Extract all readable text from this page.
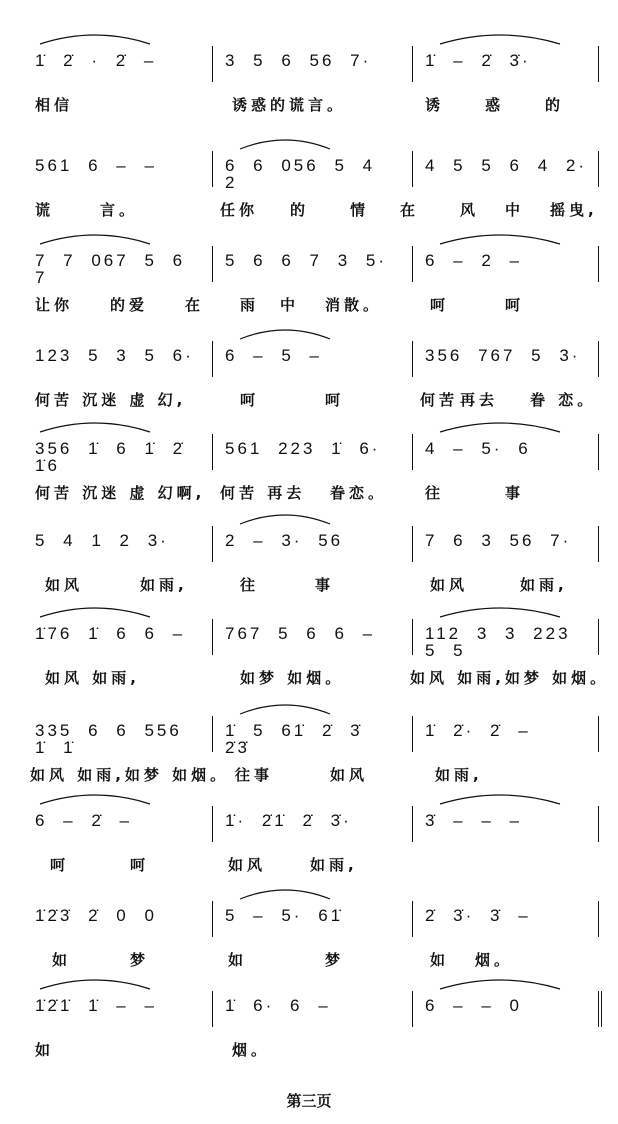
1̇ 2̇ · 2̇ –	3 5 6 56 7·	1̇ – 2̇ 3̇·
相信	诱惑的谎言。	诱	惑	的
561 6 – –	6 6 056 5 4 2
4 5 5 6 4 2·
谎	言。	任你 的	情 在	风 中 摇曳,
7 7 067 5 6 7
5 6 6 7 3 5·	6 – 2 –
让你 的爱 在 雨 中 消散。	呵	呵
123 5 3 5 6·	6 – 5 –	356 767 5 3·
何苦 沉迷 虚 幻,	呵	呵	何苦 再去 眷 恋。
356 1̇ 6 1̇ 2̇ 1̇6
561 223 1̇ 6·	4 – 5· 6
何苦 沉迷 虚 幻啊, 何苦 再去 眷恋。	往	事
5 4 1 2 3·	2 – 3· 56	7 6 3 56 7·
如风	如雨,	往	事	如风	如雨,
1̇76 1̇ 6 6 –	767 5 6 6 –	112 3 3 223 5 5
如风 如雨,	如梦 如烟。	如风 如雨,如梦 如烟。
335 6 6 556 1̇ 1̇
1̇ 5 61̇ 2̇ 3̇ 2̇3̇
1̇ 2̇· 2̇ –
如风 如雨,如梦 如烟。 往事	如风	如雨,
6 – 2̇ –	1̇· 2̇1̇ 2̇ 3̇·	3̇ – – –
呵	呵	如风	如雨,
1̇2̇3̇ 2̇ 0 0	5 – 5· 61̇	2̇ 3̇· 3̇ –
如	梦	如	梦	如 烟。
1̇2̇1̇ 1̇ – –	1̇ 6· 6 –	6 – – 0
如	烟。
第三页
